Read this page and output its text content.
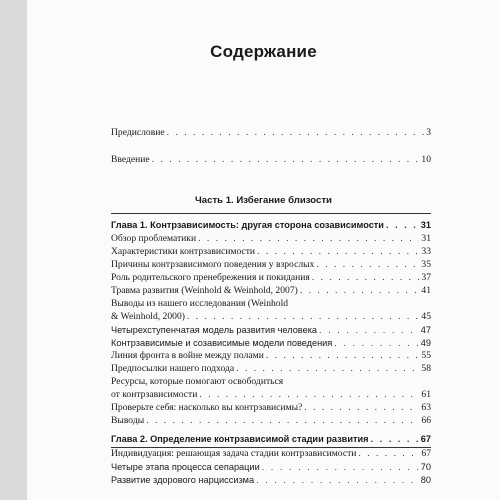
Содержание
Предисловие . . .	3
Введение . . .	10
Часть 1. Избегание близости
Глава 1. Контрзависимость: другая сторона созависимости . . .	31
Обзор проблематики . . .	31
Характеристики контрзависимости . . .	33
Причины контрзависимого поведения у взрослых . . .	35
Роль родительского пренебрежения и покидания . . .	37
Травма развития (Weinhold & Weinhold, 2007) . . .	41
Выводы из нашего исследования (Weinhold
& Weinhold, 2000) . . .	45
Четырехступенчатая модель развития человека . . .	47
Контрзависимые и созависимые модели поведения . . .	49
Линия фронта в войне между полами . . .	55
Предпосылки нашего подхода . . .	58
Ресурсы, которые помогают освободиться
от контрзависимости . . .	61
Проверьте себя: насколько вы контрзависимы? . . .	63
Выводы . . .	66
Глава 2. Определение контрзависимой стадии развития . . .	67
Индивидуация: решающая задача стадии контрзависимости . . .	67
Четыре этапа процесса сепарации . . .	70
Развитие здорового нарциссизма . . .	80
